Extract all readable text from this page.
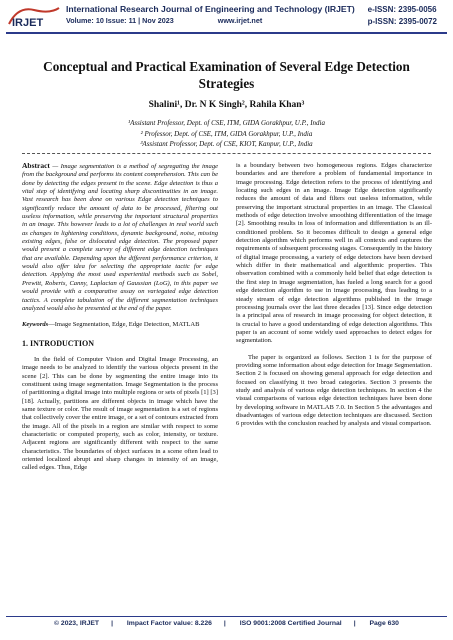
IRJET
International Research Journal of Engineering and Technology (IRJET)
Volume: 10 Issue: 11 | Nov 2023	www.irjet.net
e-ISSN: 2395-0056
p-ISSN: 2395-0072
Conceptual and Practical Examination of Several Edge Detection Strategies
Shalini¹, Dr. N K Singh², Rahila Khan³
¹Assistant Professor, Dept. of CSE, ITM, GIDA Gorakhpur, U.P., India
² Professor, Dept. of CSE, ITM, GIDA Gorakhpur, U.P., India
³Assistant Professor, Dept. of CSE, KIOT, Kanpur, U.P., India

Abstract — Image segmentation is a method of segregating the image from the background and performs its content comprehension. This can be done by detecting the edges present in the scene. Edge detection is thus a vital step of identifying and locating sharp discontinuities in an image. Vast research has been done on various Edge detection techniques to significantly reduce the amount of data to be processed, filtering out useless information, while preserving the important structural properties in an image. This however leads to a lot of challenges in real world such as changes in lightening conditions, dynamic background, noise, missing existing edges, false or dislocated edge detection. The proposed paper would present a complete survey of different edge detection techniques that are available. Depending upon the different performance criterion, it would also offer idea for selecting the appropriate tactic for edge detection. Applying the most used experiential methods such as Sobel, Prewitt, Roberts, Canny, Laplacian of Gaussian (LoG), in this paper we would provide with a comparative assay on variegated edge detection tactics. A complete tabulation of the different segmentation techniques analyzed would also be presented at the end of the paper.

Keywords—Image Segmentation, Edge, Edge Detection, MATLAB

1. INTRODUCTION

In the field of Computer Vision and Digital Image Processing, an image needs to be analyzed to identify the various objects present in the scene [2]. This can be done by segmenting the entire image into its constituent using image segmentation. Image Segmentation is the process of partitioning a digital image into multiple regions or sets of pixels [1] [3] [18]. Actually, partitions are different objects in image which have the same texture or color. The result of image segmentation is a set of regions that collectively cover the entire image, or a set of contours extracted from the image. All of the pixels in a region are similar with respect to some characteristic or computed property, such as color, intensity, or texture. Adjacent regions are significantly different with respect to the same characteristics. The boundaries of object surfaces in a scene often lead to oriented localized abrupt and sharp changes in intensity of an image, called edges. Thus, Edge

is a boundary between two homogeneous regions. Edges characterize boundaries and are therefore a problem of fundamental importance in image processing. Edge detection refers to the process of identifying and locating such edges in an image. Image Edge detection significantly reduces the amount of data and filters out useless information, while preserving the important structural properties in an image. The Classical methods of edge detection involve smoothing differentiation of the image [2]. Smoothing results in loss of information and differentiation is an ill-conditioned problem. So it becomes difficult to design a general edge detection algorithm which performs well in all contexts and captures the requirements of subsequent processing stages. Consequently in the history of digital image processing, a variety of edge detectors have been devised which differ in their mathematical and algorithmic properties. This observation combined with a commonly held belief that edge detection is the first step in image segmentation, has fueled a long search for a good edge detection algorithm to use in image processing, thus leading to a steady stream of edge detection algorithms published in the image processing journals over the last three decades [13]. Since edge detection is a principal area of research in image processing for object detection, it is crucial to have a good understanding of edge detection algorithms. This paper is an account of some widely used approaches to detect edges for segmentation.

The paper is organized as follows. Section 1 is for the purpose of providing some information about edge detection for Image Segmentation. Section 2 is focused on showing general approach for edge detection and focused on classifying it two broad categories. Section 3 presents the study and analysis of various edge detection techniques. In section 4 the visual comparisons of various edge detection techniques have been done by developing software in MATLAB 7.0. In Section 5 the advantages and disadvantages of various edge detection techniques are discussed. Section 6 provides with the conclusion reached by analysis and visual comparison.

© 2023, IRJET | Impact Factor value: 8.226 | ISO 9001:2008 Certified Journal | Page 630
